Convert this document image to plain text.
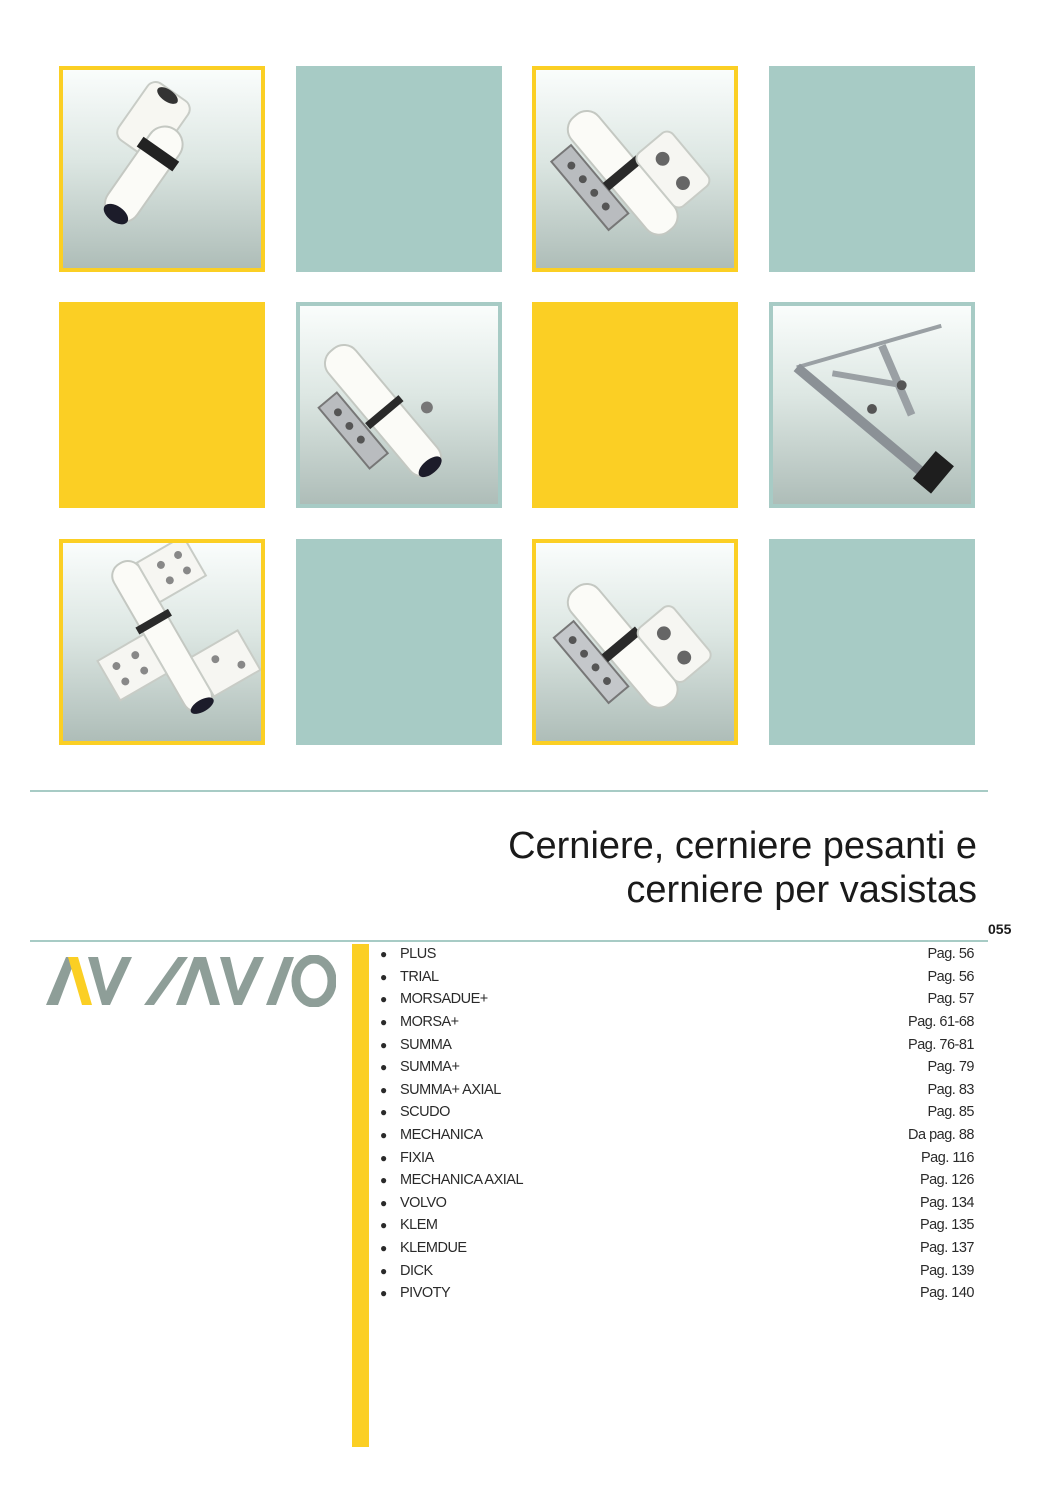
Cerniere, cerniere pesanti e
cerniere per vasistas
055
● PLUS	Pag. 56
● TRIAL	Pag. 56
● MORSADUE+	Pag. 57
● MORSA+	Pag. 61-68
● SUMMA	Pag. 76-81
● SUMMA+	Pag. 79
● SUMMA+ AXIAL	Pag. 83
● SCUDO	Pag. 85
● MECHANICA	Da pag. 88
● FIXIA	Pag. 116
● MECHANICA AXIAL	Pag. 126
● VOLVO	Pag. 134
● KLEM	Pag. 135
● KLEMDUE	Pag. 137
● DICK	Pag. 139
● PIVOTY	Pag. 140
